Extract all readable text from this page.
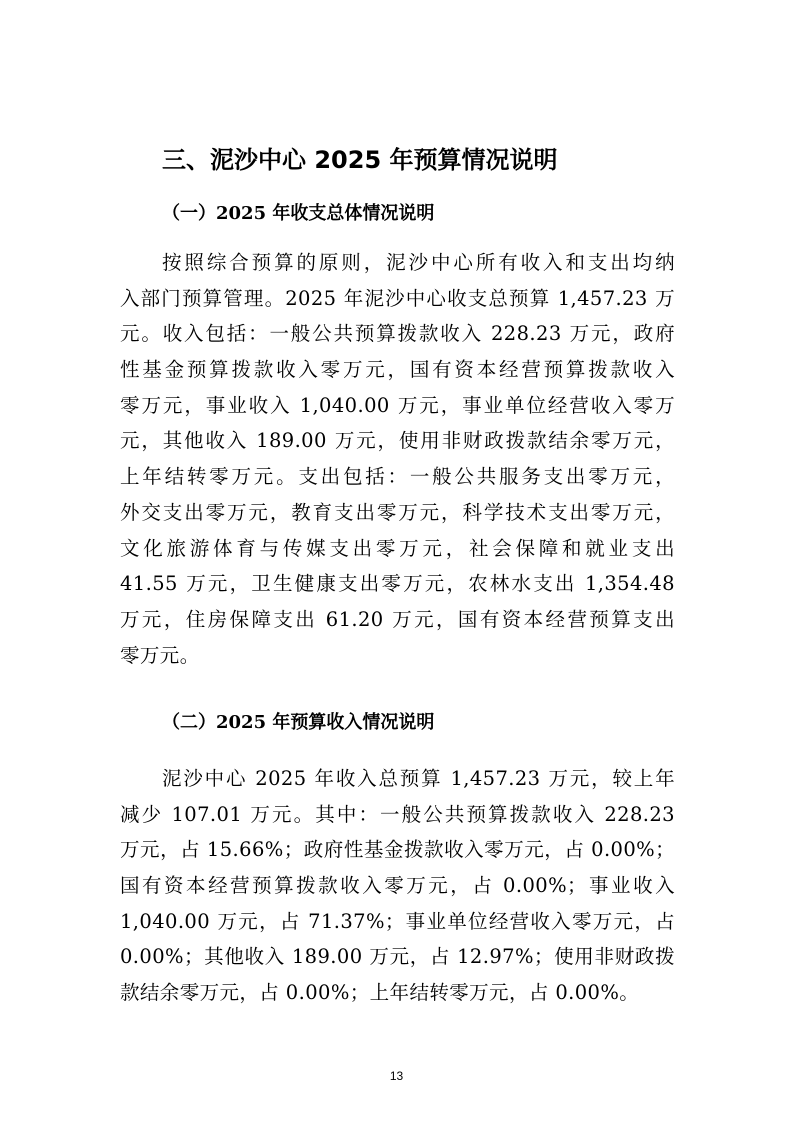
三、泥沙中心 2025 年预算情况说明
（一）2025 年收支总体情况说明
按照综合预算的原则，泥沙中心所有收入和支出均纳
入部门预算管理。2025 年泥沙中心收支总预算 1,457.23 万
元。收入包括：一般公共预算拨款收入 228.23 万元，政府
性基金预算拨款收入零万元，国有资本经营预算拨款收入
零万元，事业收入 1,040.00 万元，事业单位经营收入零万
元，其他收入 189.00 万元，使用非财政拨款结余零万元，
上年结转零万元。支出包括：一般公共服务支出零万元，
外交支出零万元，教育支出零万元，科学技术支出零万元，
文化旅游体育与传媒支出零万元，社会保障和就业支出
41.55 万元，卫生健康支出零万元，农林水支出 1,354.48
万元，住房保障支出 61.20 万元，国有资本经营预算支出
零万元。
（二）2025 年预算收入情况说明
泥沙中心 2025 年收入总预算 1,457.23 万元，较上年
减少 107.01 万元。其中：一般公共预算拨款收入 228.23
万元，占 15.66%；政府性基金拨款收入零万元，占 0.00%；
国有资本经营预算拨款收入零万元，占 0.00%；事业收入
1,040.00 万元，占 71.37%；事业单位经营收入零万元，占
0.00%；其他收入 189.00 万元，占 12.97%；使用非财政拨
款结余零万元，占 0.00%；上年结转零万元，占 0.00%。
13
